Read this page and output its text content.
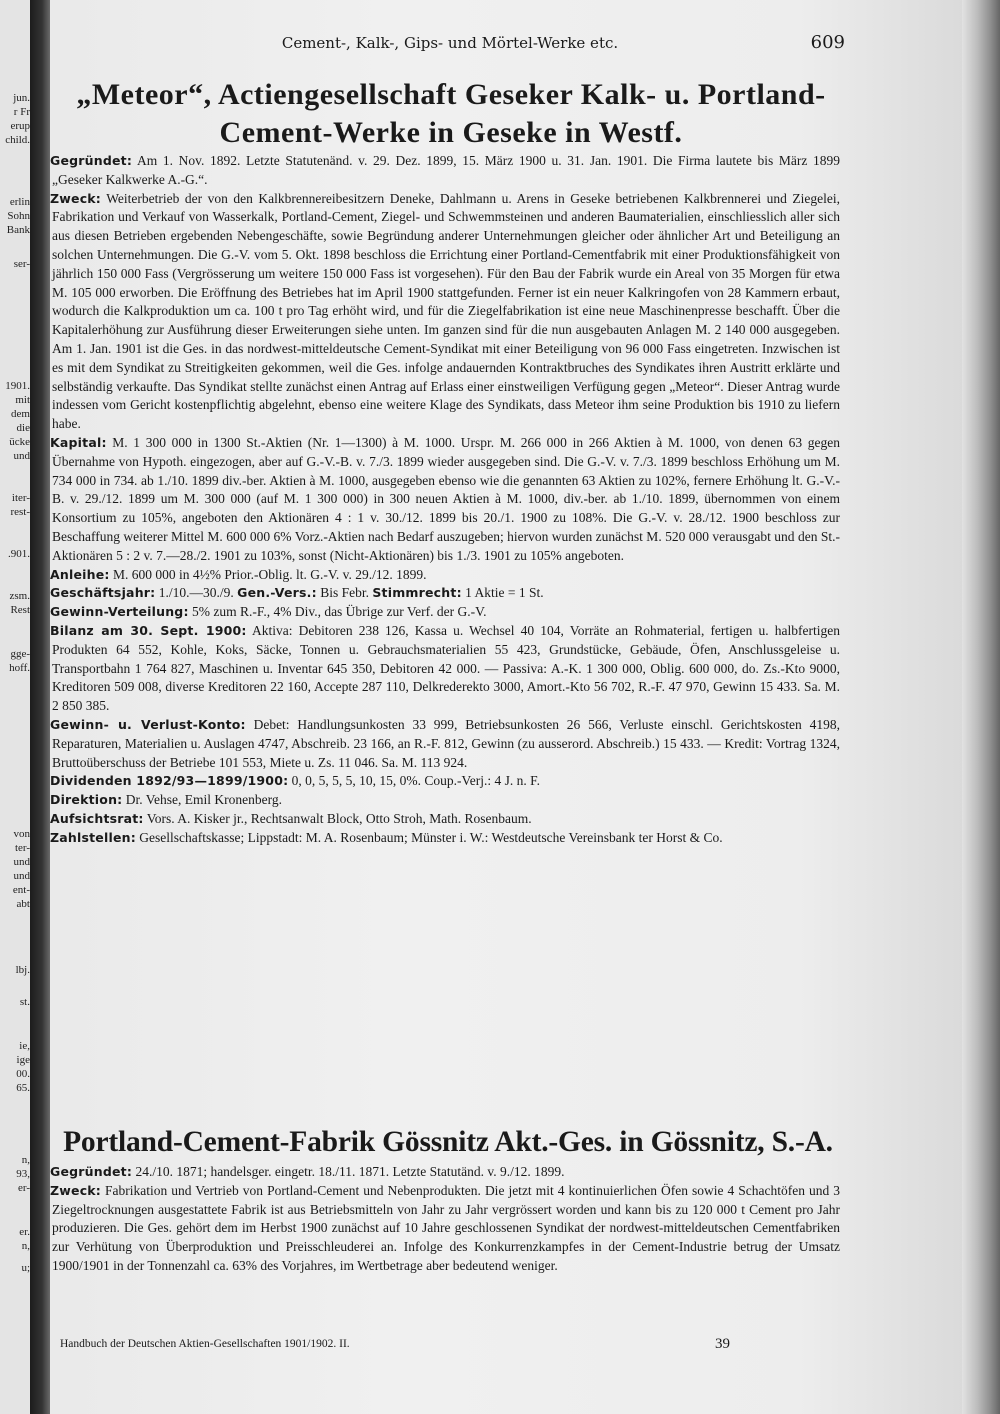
jun.
r Fr
erup
child.
erlin
Sohn
Bank
ser-
1901.
mit
dem
die
ücke
und
iter-
rest-
.901.
zsm.
Rest
gge-
hoff.
von
ter-
und
und
ent-
abt
lbj.
st.
ie,
ige
00.
65.
n,
93,
er-
er.
n,
u;
Cement-, Kalk-, Gips- und Mörtel-Werke etc.	609
„Meteor“, Actiengesellschaft Geseker Kalk- u. Portland-Cement-Werke in Geseke in Westf.

Gegründet: Am 1. Nov. 1892. Letzte Statutenänd. v. 29. Dez. 1899, 15. März 1900 u. 31. Jan. 1901. Die Firma lautete bis März 1899 „Geseker Kalkwerke A.-G.“.

Zweck: Weiterbetrieb der von den Kalkbrennereibesitzern Deneke, Dahlmann u. Arens in Geseke betriebenen Kalkbrennerei und Ziegelei, Fabrikation und Verkauf von Wasserkalk, Portland-Cement, Ziegel- und Schwemmsteinen und anderen Baumaterialien, einschliesslich aller sich aus diesen Betrieben ergebenden Nebengeschäfte, sowie Begründung anderer Unternehmungen gleicher oder ähnlicher Art und Beteiligung an solchen Unternehmungen. Die G.-V. vom 5. Okt. 1898 beschloss die Errichtung einer Portland-Cementfabrik mit einer Produktionsfähigkeit von jährlich 150 000 Fass (Vergrösserung um weitere 150 000 Fass ist vorgesehen). Für den Bau der Fabrik wurde ein Areal von 35 Morgen für etwa M. 105 000 erworben. Die Eröffnung des Betriebes hat im April 1900 stattgefunden. Ferner ist ein neuer Kalkringofen von 28 Kammern erbaut, wodurch die Kalkproduktion um ca. 100 t pro Tag erhöht wird, und für die Ziegelfabrikation ist eine neue Maschinenpresse beschafft. Über die Kapitalerhöhung zur Ausführung dieser Erweiterungen siehe unten. Im ganzen sind für die nun ausgebauten Anlagen M. 2 140 000 ausgegeben. Am 1. Jan. 1901 ist die Ges. in das nordwest-mitteldeutsche Cement-Syndikat mit einer Beteiligung von 96 000 Fass eingetreten. Inzwischen ist es mit dem Syndikat zu Streitigkeiten gekommen, weil die Ges. infolge andauernden Kontraktbruches des Syndikates ihren Austritt erklärte und selbständig verkaufte. Das Syndikat stellte zunächst einen Antrag auf Erlass einer einstweiligen Verfügung gegen „Meteor“. Dieser Antrag wurde indessen vom Gericht kostenpflichtig abgelehnt, ebenso eine weitere Klage des Syndikats, dass Meteor ihm seine Produktion bis 1910 zu liefern habe.

Kapital: M. 1 300 000 in 1300 St.-Aktien (Nr. 1—1300) à M. 1000. Urspr. M. 266 000 in 266 Aktien à M. 1000, von denen 63 gegen Übernahme von Hypoth. eingezogen, aber auf G.-V.-B. v. 7./3. 1899 wieder ausgegeben sind. Die G.-V. v. 7./3. 1899 beschloss Erhöhung um M. 734 000 in 734. ab 1./10. 1899 div.-ber. Aktien à M. 1000, ausgegeben ebenso wie die genannten 63 Aktien zu 102%, fernere Erhöhung lt. G.-V.-B. v. 29./12. 1899 um M. 300 000 (auf M. 1 300 000) in 300 neuen Aktien à M. 1000, div.-ber. ab 1./10. 1899, übernommen von einem Konsortium zu 105%, angeboten den Aktionären 4 : 1 v. 30./12. 1899 bis 20./1. 1900 zu 108%. Die G.-V. v. 28./12. 1900 beschloss zur Beschaffung weiterer Mittel M. 600 000 6% Vorz.-Aktien nach Bedarf auszugeben; hiervon wurden zunächst M. 520 000 verausgabt und den St.-Aktionären 5 : 2 v. 7.—28./2. 1901 zu 103%, sonst (Nicht-Aktionären) bis 1./3. 1901 zu 105% angeboten.

Anleihe: M. 600 000 in 4½% Prior.-Oblig. lt. G.-V. v. 29./12. 1899.

Geschäftsjahr: 1./10.—30./9. Gen.-Vers.: Bis Febr. Stimmrecht: 1 Aktie = 1 St.

Gewinn-Verteilung: 5% zum R.-F., 4% Div., das Übrige zur Verf. der G.-V.

Bilanz am 30. Sept. 1900: Aktiva: Debitoren 238 126, Kassa u. Wechsel 40 104, Vorräte an Rohmaterial, fertigen u. halbfertigen Produkten 64 552, Kohle, Koks, Säcke, Tonnen u. Gebrauchsmaterialien 55 423, Grundstücke, Gebäude, Öfen, Anschlussgeleise u. Transportbahn 1 764 827, Maschinen u. Inventar 645 350, Debitoren 42 000. — Passiva: A.-K. 1 300 000, Oblig. 600 000, do. Zs.-Kto 9000, Kreditoren 509 008, diverse Kreditoren 22 160, Accepte 287 110, Delkrederekto 3000, Amort.-Kto 56 702, R.-F. 47 970, Gewinn 15 433. Sa. M. 2 850 385.

Gewinn- u. Verlust-Konto: Debet: Handlungsunkosten 33 999, Betriebsunkosten 26 566, Verluste einschl. Gerichtskosten 4198, Reparaturen, Materialien u. Auslagen 4747, Abschreib. 23 166, an R.-F. 812, Gewinn (zu ausserord. Abschreib.) 15 433. — Kredit: Vortrag 1324, Bruttoüberschuss der Betriebe 101 553, Miete u. Zs. 11 046. Sa. M. 113 924.

Dividenden 1892/93—1899/1900: 0, 0, 5, 5, 5, 10, 15, 0%. Coup.-Verj.: 4 J. n. F.

Direktion: Dr. Vehse, Emil Kronenberg.

Aufsichtsrat: Vors. A. Kisker jr., Rechtsanwalt Block, Otto Stroh, Math. Rosenbaum.

Zahlstellen: Gesellschaftskasse; Lippstadt: M. A. Rosenbaum; Münster i. W.: Westdeutsche Vereinsbank ter Horst & Co.

Portland-Cement-Fabrik Gössnitz Akt.-Ges. in Gössnitz, S.-A.

Gegründet: 24./10. 1871; handelsger. eingetr. 18./11. 1871. Letzte Statutänd. v. 9./12. 1899.

Zweck: Fabrikation und Vertrieb von Portland-Cement und Nebenprodukten. Die jetzt mit 4 kontinuierlichen Öfen sowie 4 Schachtöfen und 3 Ziegeltrocknungen ausgestattete Fabrik ist aus Betriebsmitteln von Jahr zu Jahr vergrössert worden und kann bis zu 120 000 t Cement pro Jahr produzieren. Die Ges. gehört dem im Herbst 1900 zunächst auf 10 Jahre geschlossenen Syndikat der nordwest-mitteldeutschen Cementfabriken zur Verhütung von Überproduktion und Preisschleuderei an. Infolge des Konkurrenzkampfes in der Cement-Industrie betrug der Umsatz 1900/1901 in der Tonnenzahl ca. 63% des Vorjahres, im Wertbetrage aber bedeutend weniger.

Handbuch der Deutschen Aktien-Gesellschaften 1901/1902. II.	39
